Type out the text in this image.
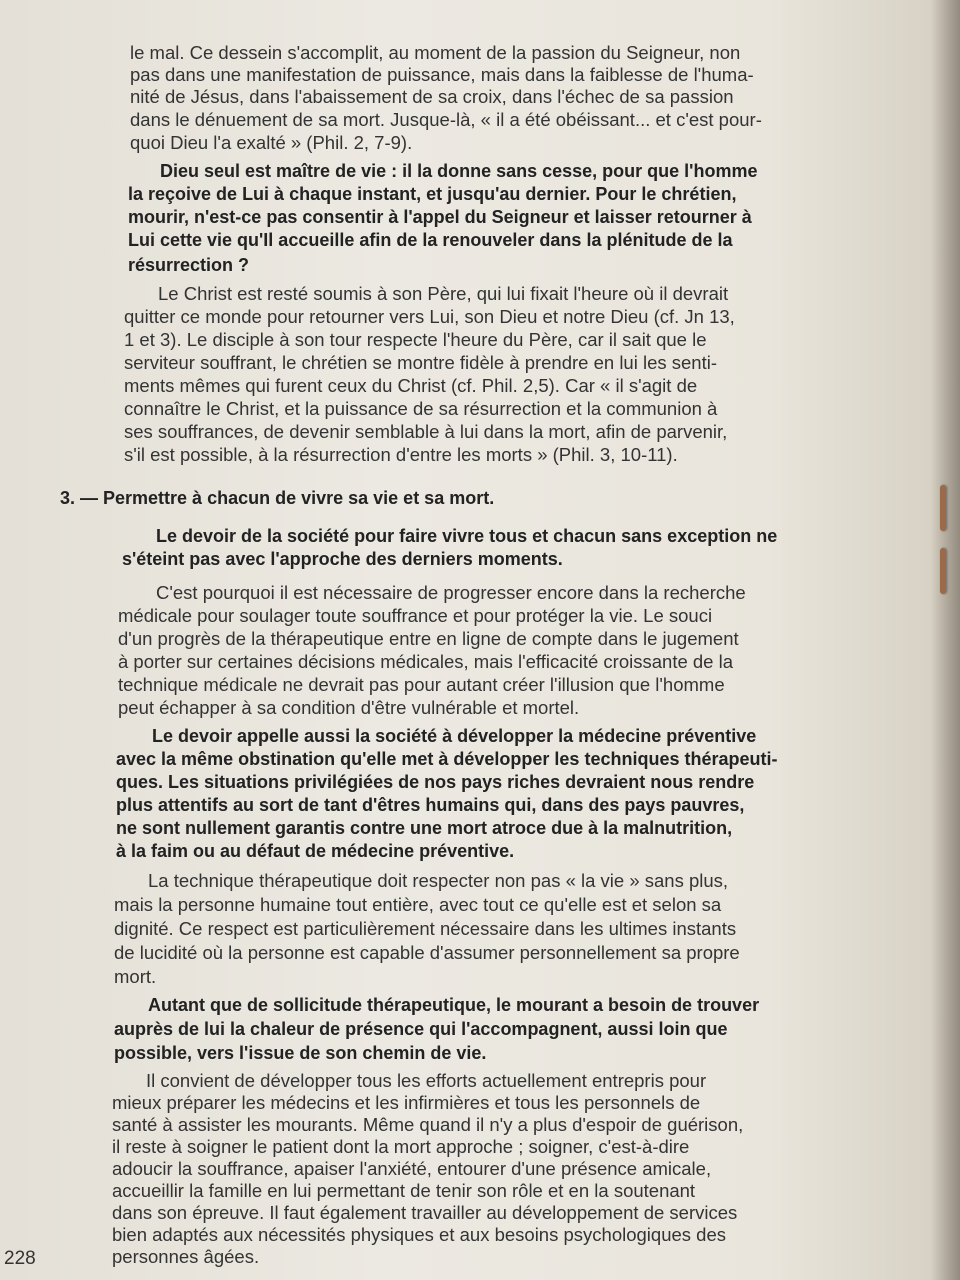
le mal. Ce dessein s'accomplit, au moment de la passion du Seigneur, non
pas dans une manifestation de puissance, mais dans la faiblesse de l'huma-
nité de Jésus, dans l'abaissement de sa croix, dans l'échec de sa passion
dans le dénuement de sa mort. Jusque-là, « il a été obéissant... et c'est pour-
quoi Dieu l'a exalté » (Phil. 2, 7-9).
Dieu seul est maître de vie : il la donne sans cesse, pour que l'homme
la reçoive de Lui à chaque instant, et jusqu'au dernier. Pour le chrétien,
mourir, n'est-ce pas consentir à l'appel du Seigneur et laisser retourner à
Lui cette vie qu'Il accueille afin de la renouveler dans la plénitude de la
résurrection ?
Le Christ est resté soumis à son Père, qui lui fixait l'heure où il devrait
quitter ce monde pour retourner vers Lui, son Dieu et notre Dieu (cf. Jn 13,
1 et 3). Le disciple à son tour respecte l'heure du Père, car il sait que le
serviteur souffrant, le chrétien se montre fidèle à prendre en lui les senti-
ments mêmes qui furent ceux du Christ (cf. Phil. 2,5). Car « il s'agit de
connaître le Christ, et la puissance de sa résurrection et la communion à
ses souffrances, de devenir semblable à lui dans la mort, afin de parvenir,
s'il est possible, à la résurrection d'entre les morts » (Phil. 3, 10-11).
3. — Permettre à chacun de vivre sa vie et sa mort.
Le devoir de la société pour faire vivre tous et chacun sans exception ne
s'éteint pas avec l'approche des derniers moments.
C'est pourquoi il est nécessaire de progresser encore dans la recherche
médicale pour soulager toute souffrance et pour protéger la vie. Le souci
d'un progrès de la thérapeutique entre en ligne de compte dans le jugement
à porter sur certaines décisions médicales, mais l'efficacité croissante de la
technique médicale ne devrait pas pour autant créer l'illusion que l'homme
peut échapper à sa condition d'être vulnérable et mortel.
Le devoir appelle aussi la société à développer la médecine préventive
avec la même obstination qu'elle met à développer les techniques thérapeuti-
ques. Les situations privilégiées de nos pays riches devraient nous rendre
plus attentifs au sort de tant d'êtres humains qui, dans des pays pauvres,
ne sont nullement garantis contre une mort atroce due à la malnutrition,
à la faim ou au défaut de médecine préventive.
La technique thérapeutique doit respecter non pas « la vie » sans plus,
mais la personne humaine tout entière, avec tout ce qu'elle est et selon sa
dignité. Ce respect est particulièrement nécessaire dans les ultimes instants
de lucidité où la personne est capable d'assumer personnellement sa propre
mort.
Autant que de sollicitude thérapeutique, le mourant a besoin de trouver
auprès de lui la chaleur de présence qui l'accompagnent, aussi loin que
possible, vers l'issue de son chemin de vie.
Il convient de développer tous les efforts actuellement entrepris pour
mieux préparer les médecins et les infirmières et tous les personnels de
santé à assister les mourants. Même quand il n'y a plus d'espoir de guérison,
il reste à soigner le patient dont la mort approche ; soigner, c'est-à-dire
adoucir la souffrance, apaiser l'anxiété, entourer d'une présence amicale,
accueillir la famille en lui permettant de tenir son rôle et en la soutenant
dans son épreuve. Il faut également travailler au développement de services
bien adaptés aux nécessités physiques et aux besoins psychologiques des
personnes âgées.
228
